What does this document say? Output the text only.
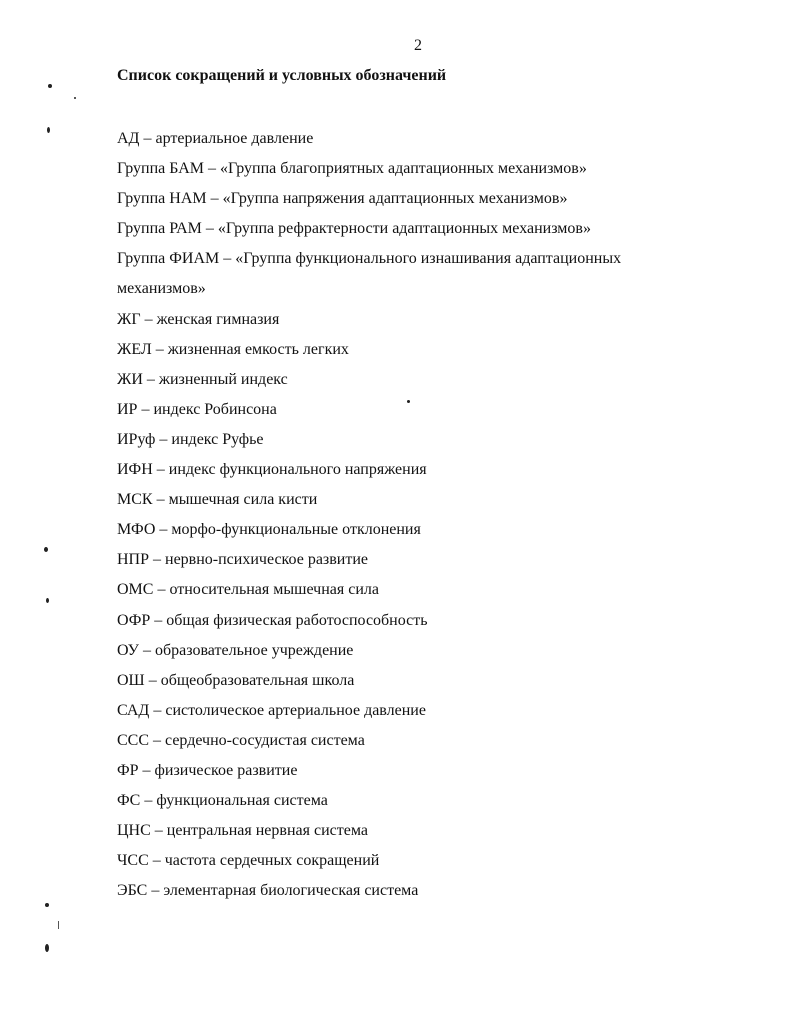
2
Список сокращений и условных обозначений
АД – артериальное давление
Группа БАМ – «Группа благоприятных адаптационных механизмов»
Группа НАМ – «Группа напряжения адаптационных механизмов»
Группа РАМ – «Группа рефрактерности адаптационных механизмов»
Группа ФИАМ – «Группа функционального изнашивания адаптационных механизмов»
ЖГ – женская гимназия
ЖЕЛ – жизненная емкость легких
ЖИ – жизненный индекс
ИР – индекс Робинсона
ИРуф – индекс Руфье
ИФН – индекс функционального напряжения
МСК – мышечная сила кисти
МФО – морфо-функциональные отклонения
НПР – нервно-психическое развитие
ОМС – относительная мышечная сила
ОФР – общая физическая работоспособность
ОУ – образовательное учреждение
ОШ – общеобразовательная школа
САД – систолическое артериальное давление
ССС – сердечно-сосудистая система
ФР – физическое развитие
ФС – функциональная система
ЦНС – центральная нервная система
ЧСС – частота сердечных сокращений
ЭБС – элементарная биологическая система
